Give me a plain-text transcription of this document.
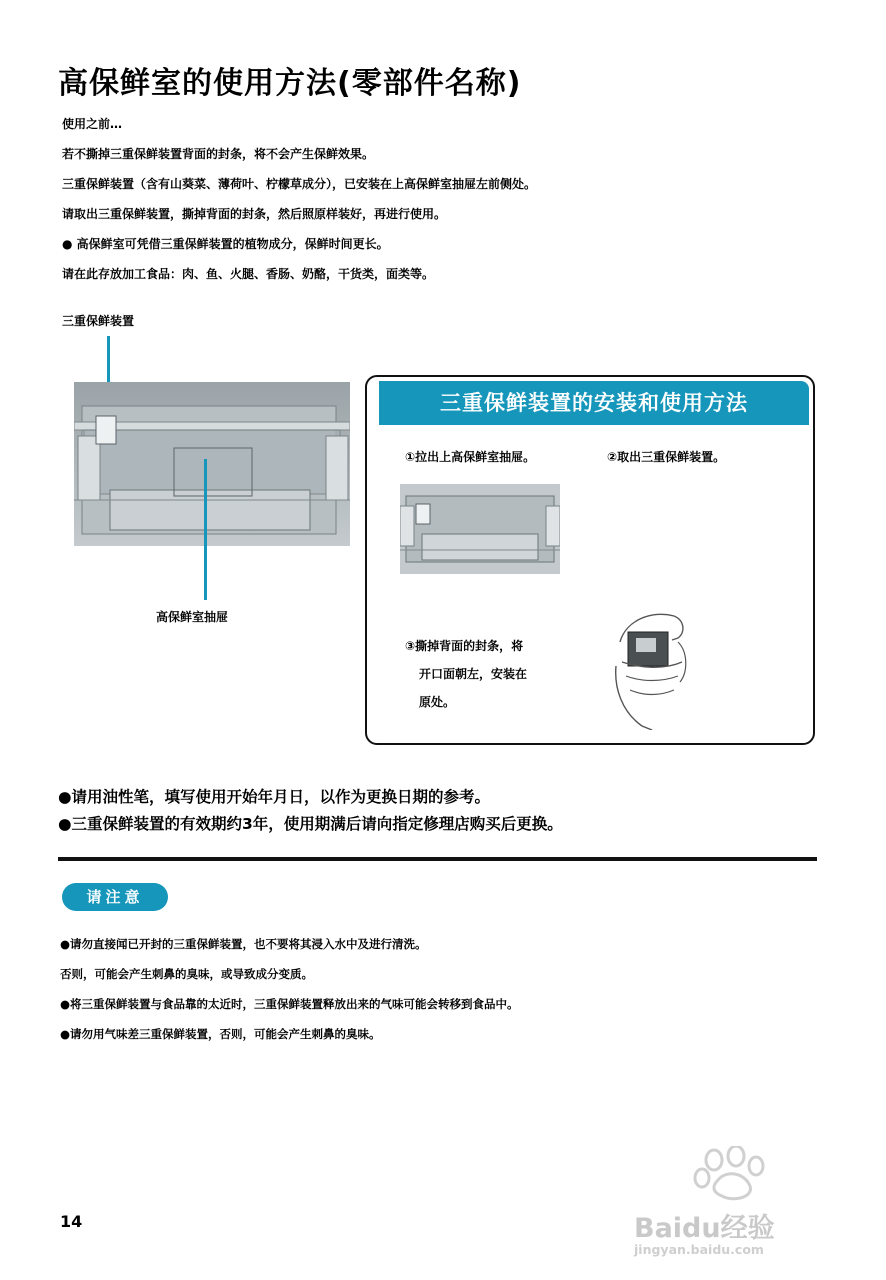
高保鲜室的使用方法(零部件名称)
使用之前…
若不撕掉三重保鲜装置背面的封条，将不会产生保鲜效果。
三重保鲜装置（含有山葵菜、薄荷叶、柠檬草成分），已安装在上高保鲜室抽屉左前侧处。
请取出三重保鲜装置，撕掉背面的封条，然后照原样装好，再进行使用。
● 高保鲜室可凭借三重保鲜装置的植物成分，保鲜时间更长。
请在此存放加工食品：肉、鱼、火腿、香肠、奶酪，干货类，面类等。
三重保鲜装置
高保鲜室抽屉
三重保鲜装置的安装和使用方法
①拉出上高保鲜室抽屉。	②取出三重保鲜装置。
③撕掉背面的封条，将
开口面朝左，安装在
原处。
●请用油性笔，填写使用开始年月日，以作为更换日期的参考。
●三重保鲜装置的有效期约3年，使用期满后请向指定修理店购买后更换。
请注意
●请勿直接闻已开封的三重保鲜装置，也不要将其浸入水中及进行清洗。
否则，可能会产生刺鼻的臭味，或导致成分变质。
●将三重保鲜装置与食品靠的太近时，三重保鲜装置释放出来的气味可能会转移到食品中。
●请勿用气味差三重保鲜装置，否则，可能会产生刺鼻的臭味。
14	Baidu经验
jingyan.baidu.com
